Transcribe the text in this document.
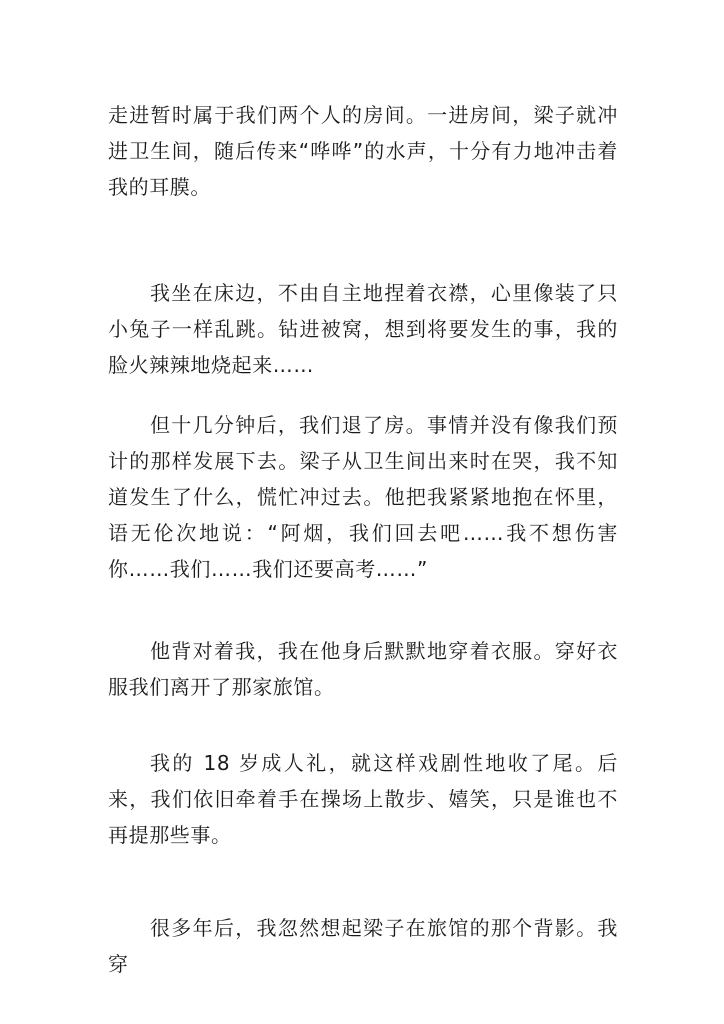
走进暂时属于我们两个人的房间。一进房间，梁子就冲进卫生间，随后传来“哗哗”的水声，十分有力地冲击着我的耳膜。

我坐在床边，不由自主地捏着衣襟，心里像装了只小兔子一样乱跳。钻进被窝，想到将要发生的事，我的脸火辣辣地烧起来……

但十几分钟后，我们退了房。事情并没有像我们预计的那样发展下去。梁子从卫生间出来时在哭，我不知道发生了什么，慌忙冲过去。他把我紧紧地抱在怀里，语无伦次地说：“阿烟，我们回去吧……我不想伤害你……我们……我们还要高考……”

他背对着我，我在他身后默默地穿着衣服。穿好衣服我们离开了那家旅馆。

我的 18 岁成人礼，就这样戏剧性地收了尾。后来，我们依旧牵着手在操场上散步、嬉笑，只是谁也不再提那些事。

很多年后，我忽然想起梁子在旅馆的那个背影。我穿
